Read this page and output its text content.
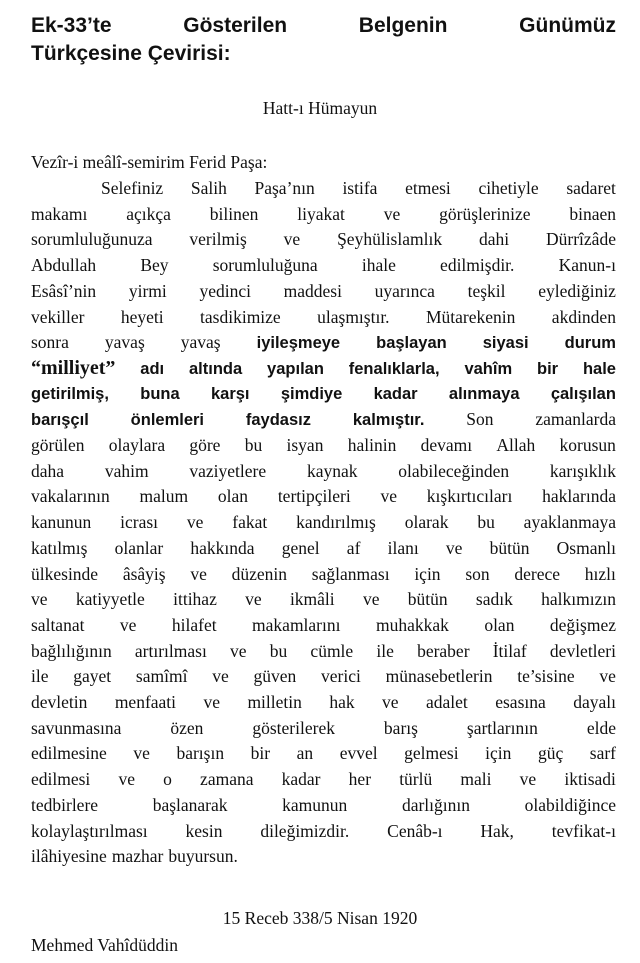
Ek-33’te	Gösterilen	Belgenin	Günümüz
Türkçesine Çevirisi:
Hatt-ı Hümayun
Vezîr-i meâlî-semirim Ferid Paşa:
Selefiniz Salih Paşa’nın istifa etmesi cihetiyle sadaret
makamı açıkça bilinen liyakat ve görüşlerinize binaen
sorumluluğunuza verilmiş ve Şeyhülislamlık dahi Dürrîzâde
Abdullah	Bey	sorumluluğuna	ihale	edilmişdir.	Kanun-ı
Esâsî’nin yirmi yedinci maddesi uyarınca teşkil eylediğiniz
vekiller heyeti tasdikimize ulaşmıştır. Mütarekenin akdinden
sonra yavaş yavaş iyileşmeye başlayan siyasi durum
“milliyet” adı altında yapılan fenalıklarla, vahîm bir hale
getirilmiş, buna karşı şimdiye kadar alınmaya çalışılan
barışçıl	önlemleri	faydasız	kalmıştır. Son zamanlarda
görülen olaylara göre bu isyan halinin devamı Allah korusun
daha vahim vaziyetlere kaynak olabileceğinden karışıklık
vakalarının malum olan tertipçileri ve kışkırtıcıları haklarında
kanunun icrası ve fakat kandırılmış olarak bu ayaklanmaya
katılmış olanlar hakkında genel af ilanı ve bütün Osmanlı
ülkesinde âsâyiş ve düzenin sağlanması için son derece hızlı
ve katiyyetle ittihaz ve ikmâli ve bütün sadık halkımızın
saltanat ve hilafet makamlarını muhakkak olan değişmez
bağlılığının artırılması ve bu cümle ile beraber İtilaf devletleri
ile gayet samîmî ve güven verici münasebetlerin te’sisine ve
devletin menfaati ve milletin hak ve adalet esasına dayalı
savunmasına	özen	gösterilerek	barış	şartlarının	elde
edilmesine ve barışın bir an evvel gelmesi için güç sarf
edilmesi ve o zamana kadar her türlü mali ve iktisadi
tedbirlere	başlanarak	kamunun	darlığının	olabildiğince
kolaylaştırılması kesin dileğimizdir. Cenâb-ı Hak, tevfikat-ı
ilâhiyesine mazhar buyursun.
15 Receb 338/5 Nisan 1920
Mehmed Vahîdüddin
